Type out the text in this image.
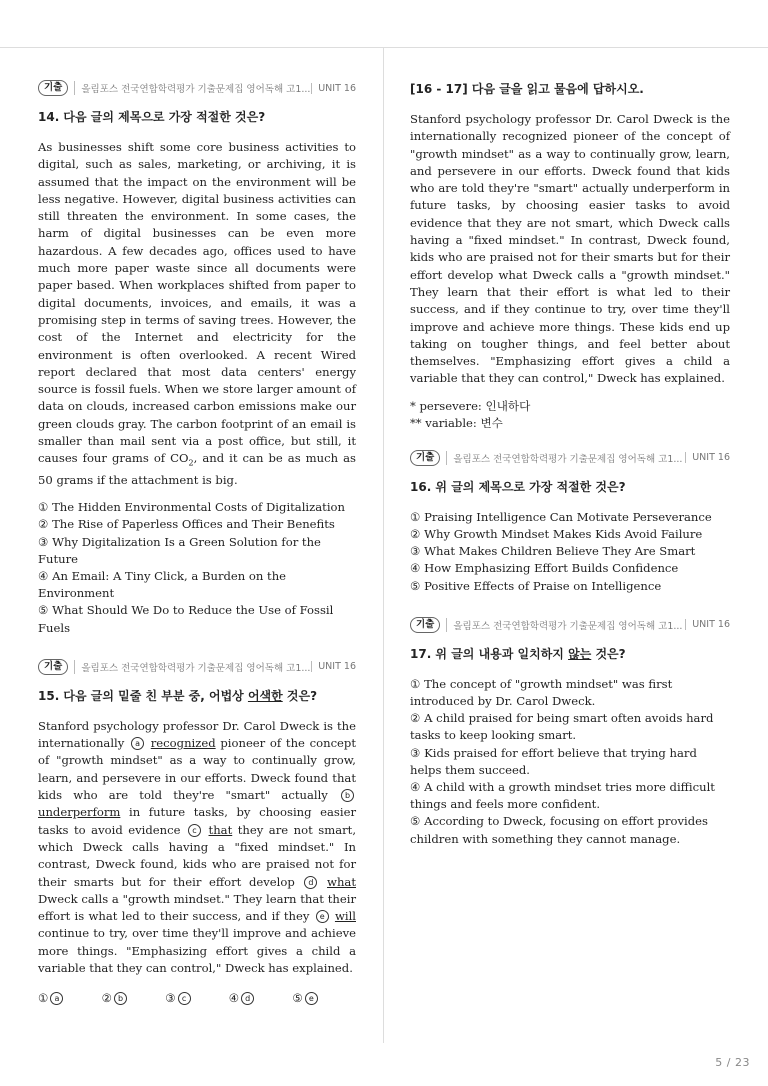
기출	올림포스 전국연합학력평가 기출문제집 영어독해 고1... UNIT 16

14. 다음 글의 제목으로 가장 적절한 것은?

As businesses shift some core business activities to digital, such as sales, marketing, or archiving, it is assumed that the impact on the environment will be less negative. However, digital business activities can still threaten the environment. In some cases, the harm of digital businesses can be even more hazardous. A few decades ago, offices used to have much more paper waste since all documents were paper based. When workplaces shifted from paper to digital documents, invoices, and emails, it was a promising step in terms of saving trees. However, the cost of the Internet and electricity for the environment is often overlooked. A recent Wired report declared that most data centers' energy source is fossil fuels. When we store larger amount of data on clouds, increased carbon emissions make our green clouds gray. The carbon footprint of an email is smaller than mail sent via a post office, but still, it causes four grams of $CO_2$, and it can be as much as 50 grams if the attachment is big.

① The Hidden Environmental Costs of Digitalization
② The Rise of Paperless Offices and Their Benefits
③ Why Digitalization Is a Green Solution for the Future
④ An Email: A Tiny Click, a Burden on the Environment
⑤ What Should We Do to Reduce the Use of Fossil Fuels
기출	올림포스 전국연합학력평가 기출문제집 영어독해 고1... UNIT 16

15. 다음 글의 밑줄 친 부분 중, 어법상 어색한 것은?

Stanford psychology professor Dr. Carol Dweck is the internationally a recognized pioneer of the concept of "growth mindset" as a way to continually grow, learn, and persevere in our efforts. Dweck found that kids who are told they're "smart" actually bunderperform in future tasks, by choosing easier tasks to avoid evidence c that they are not smart, which Dweck calls having a "fixed mindset." In contrast, Dweck found, kids who are praised not for their smarts but for their effort develop d what Dweck calls a "growth mindset." They learn that their effort is what led to their success, and if they e will continue to try, over time they'll improve and achieve more things. "Emphasizing effort gives a child a variable that they can control," Dweck has explained.

① a	② b	③ c	④ d	⑤ e

[16 - 17] 다음 글을 읽고 물음에 답하시오.

Stanford psychology professor Dr. Carol Dweck is the internationally recognized pioneer of the concept of "growth mindset" as a way to continually grow, learn, and persevere in our efforts. Dweck found that kids who are told they're "smart" actually underperform in future tasks, by choosing easier tasks to avoid evidence that they are not smart, which Dweck calls having a "fixed mindset." In contrast, Dweck found, kids who are praised not for their smarts but for their effort develop what Dweck calls a "growth mindset." They learn that their effort is what led to their success, and if they continue to try, over time they'll improve and achieve more things. These kids end up taking on tougher things, and feel better about themselves. "Emphasizing effort gives a child a variable that they can control," Dweck has explained.

* persevere: 인내하다
** variable: 변수
기출	올림포스 전국연합학력평가 기출문제집 영어독해 고1...	UNIT 16

16. 위 글의 제목으로 가장 적절한 것은?

① Praising Intelligence Can Motivate Perseverance
② Why Growth Mindset Makes Kids Avoid Failure
③ What Makes Children Believe They Are Smart
④ How Emphasizing Effort Builds Confidence
⑤ Positive Effects of Praise on Intelligence
기출	올림포스 전국연합학력평가 기출문제집 영어독해 고1...	UNIT 16

17. 위 글의 내용과 일치하지 않는 것은?

① The concept of "growth mindset" was first introduced by Dr. Carol Dweck.
② A child praised for being smart often avoids hard tasks to keep looking smart.
③ Kids praised for effort believe that trying hard helps them succeed.
④ A child with a growth mindset tries more difficult things and feels more confident.
⑤ According to Dweck, focusing on effort provides children with something they cannot manage.
5 / 23
